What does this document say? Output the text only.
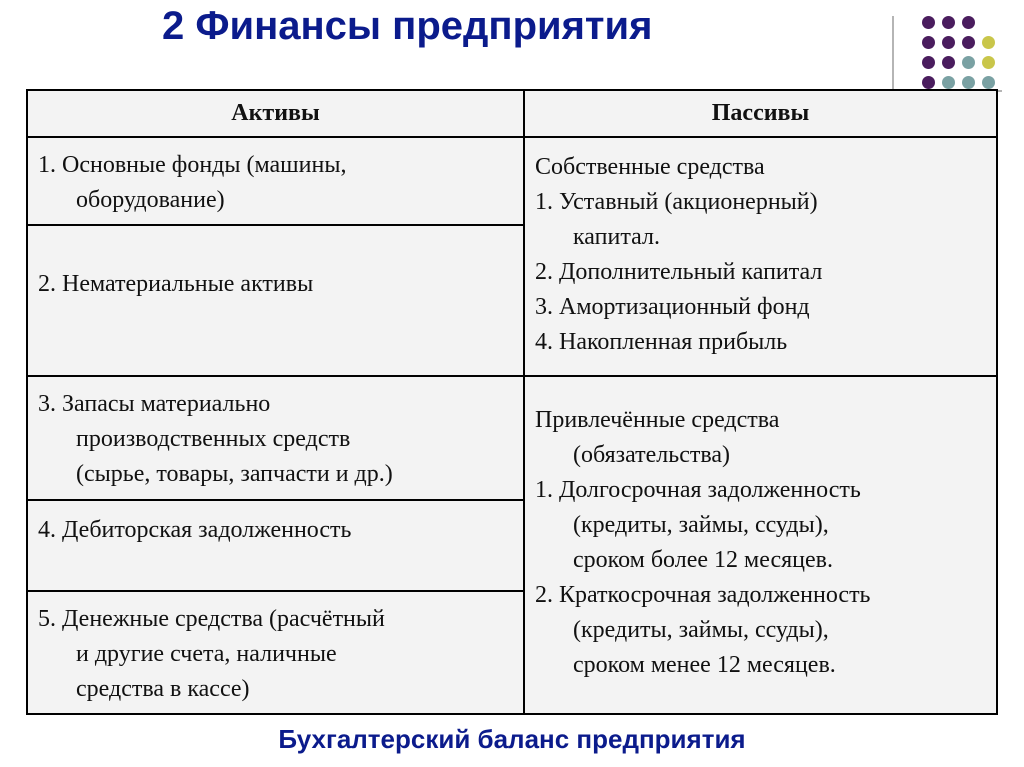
2 Финансы предприятия
Активы	Пассивы
1. Основные фонды (машины,
оборудование)
2. Нематериальные активы
3. Запасы материально
производственных средств
(сырье, товары, запчасти и др.)
4. Дебиторская задолженность
5. Денежные средства (расчётный
и другие счета, наличные
средства в кассе)
Собственные средства
1. Уставный (акционерный)
капитал.
2. Дополнительный капитал
3. Амортизационный фонд
4. Накопленная прибыль
Привлечённые средства
(обязательства)
1. Долгосрочная задолженность
(кредиты, займы, ссуды),
сроком более 12 месяцев.
2. Краткосрочная задолженность
(кредиты, займы, ссуды),
сроком менее 12 месяцев.
Бухгалтерский баланс предприятия
